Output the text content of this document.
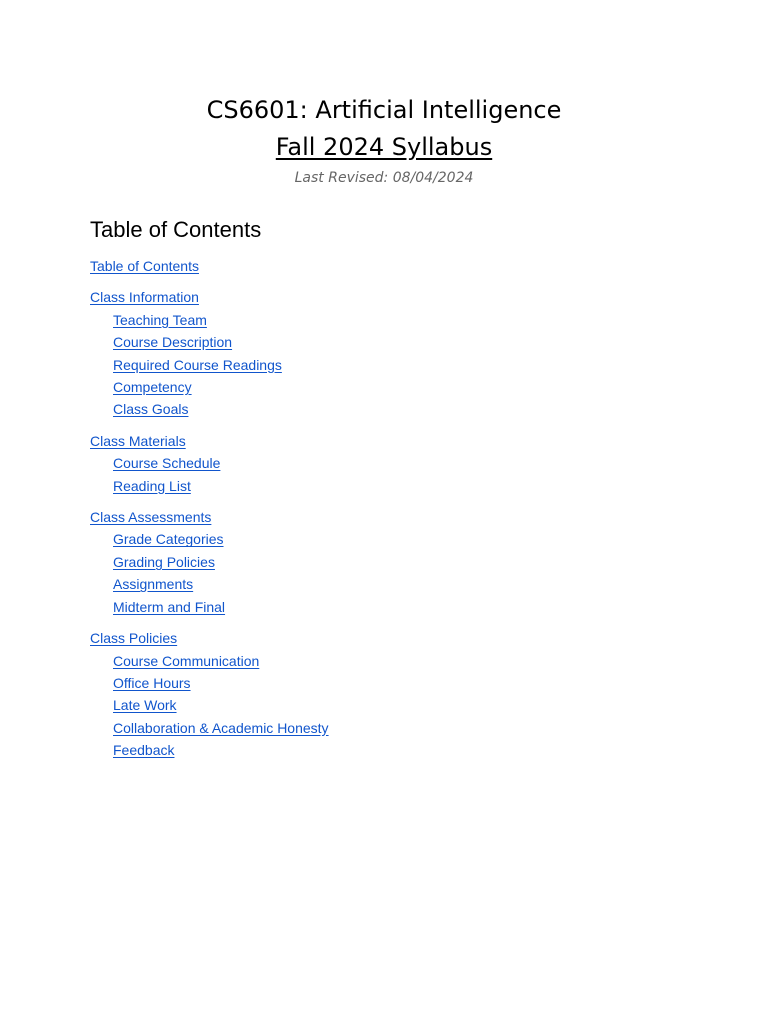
CS6601: Artificial Intelligence
Fall 2024 Syllabus
Last Revised: 08/04/2024
Table of Contents
Table of Contents
Class Information
Teaching Team
Course Description
Required Course Readings
Competency
Class Goals
Class Materials
Course Schedule
Reading List
Class Assessments
Grade Categories
Grading Policies
Assignments
Midterm and Final
Class Policies
Course Communication
Office Hours
Late Work
Collaboration & Academic Honesty
Feedback
